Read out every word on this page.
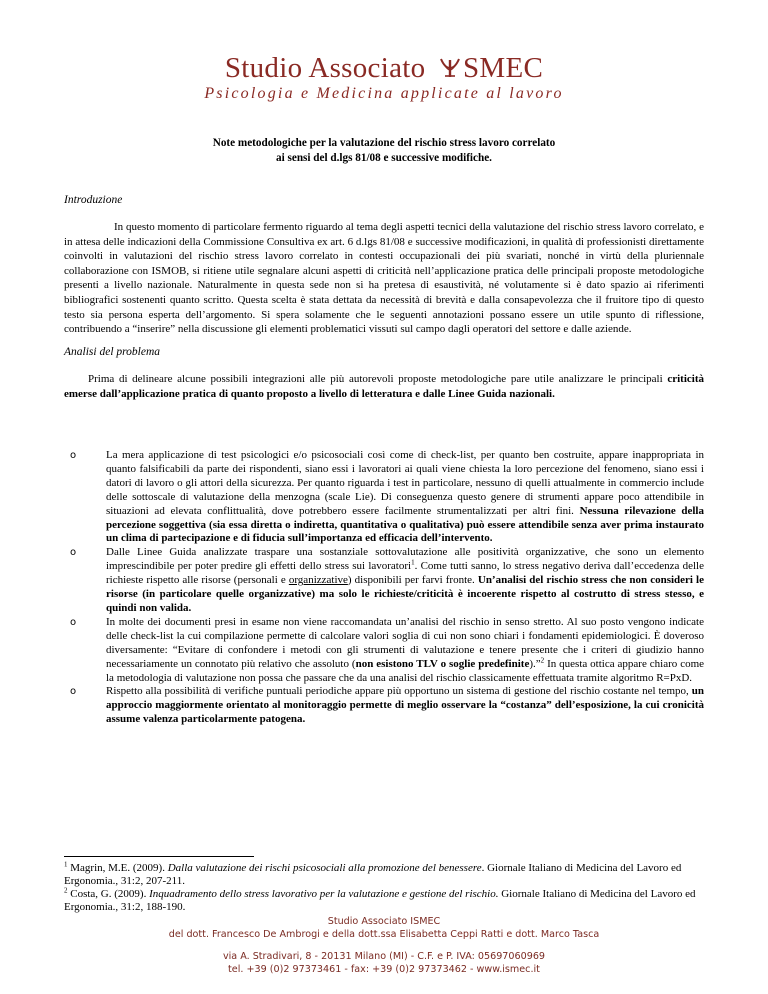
Studio Associato SMEC
Psicologia e Medicina applicate al lavoro
Note metodologiche per la valutazione del rischio stress lavoro correlato
ai sensi del d.lgs 81/08 e successive modifiche.
Introduzione
In questo momento di particolare fermento riguardo al tema degli aspetti tecnici della valutazione del rischio stress lavoro correlato, e in attesa delle indicazioni della Commissione Consultiva ex art. 6 d.lgs 81/08 e successive modificazioni, in qualità di professionisti direttamente coinvolti in valutazioni del rischio stress lavoro correlato in contesti occupazionali dei più svariati, nonché in virtù della pluriennale collaborazione con ISMOB, si ritiene utile segnalare alcuni aspetti di criticità nell’applicazione pratica delle principali proposte metodologiche presenti a livello nazionale. Naturalmente in questa sede non si ha pretesa di esaustività, né volutamente si è dato spazio ai riferimenti bibliografici sostenenti quanto scritto. Questa scelta è stata dettata da necessità di brevità e dalla consapevolezza che il fruitore tipo di questo testo sia persona esperta dell’argomento. Si spera solamente che le seguenti annotazioni possano essere un utile spunto di riflessione, contribuendo a “inserire” nella discussione gli elementi problematici vissuti sul campo dagli operatori del settore e dalle aziende.
Analisi del problema
Prima di delineare alcune possibili integrazioni alle più autorevoli proposte metodologiche pare utile analizzare le principali criticità emerse dall’applicazione pratica di quanto proposto a livello di letteratura e dalle Linee Guida nazionali.
o	La mera applicazione di test psicologici e/o psicosociali così come di check-list, per quanto ben costruite, appare inappropriata in quanto falsificabili da parte dei rispondenti, siano essi i lavoratori ai quali viene chiesta la loro percezione del fenomeno, siano essi i datori di lavoro o gli attori della sicurezza. Per quanto riguarda i test in particolare, nessuno di quelli attualmente in commercio include delle sottoscale di valutazione della menzogna (scale Lie). Di conseguenza questo genere di strumenti appare poco attendibile in situazioni ad elevata conflittualità, dove potrebbero essere facilmente strumentalizzati per altri fini. Nessuna rilevazione della percezione soggettiva (sia essa diretta o indiretta, quantitativa o qualitativa) può essere attendibile senza aver prima instaurato un clima di partecipazione e di fiducia sull’importanza ed efficacia dell’intervento.
o	Dalle Linee Guida analizzate traspare una sostanziale sottovalutazione alle positività organizzative, che sono un elemento imprescindibile per poter predire gli effetti dello stress sui lavoratori$^1$. Come tutti sanno, lo stress negativo deriva dall’eccedenza delle richieste rispetto alle risorse (personali e organizzative) disponibili per farvi fronte. Un’analisi del rischio stress che non consideri le risorse (in particolare quelle organizzative) ma solo le richieste/criticità è incoerente rispetto al costrutto di stress stesso, e quindi non valida.
o	In molte dei documenti presi in esame non viene raccomandata un’analisi del rischio in senso stretto. Al suo posto vengono indicate delle check-list la cui compilazione permette di calcolare valori soglia di cui non sono chiari i fondamenti epidemiologici. È doveroso diversamente: “Evitare di confondere i metodi con gli strumenti di valutazione e tenere presente che i criteri di giudizio hanno necessariamente un connotato più relativo che assoluto (non esistono TLV o soglie predefinite).”$^2$ In questa ottica appare chiaro come la metodologia di valutazione non possa che passare che da una analisi del rischio classicamente effettuata tramite algoritmo R=PxD.
o	Rispetto alla possibilità di verifiche puntuali periodiche appare più opportuno un sistema di gestione del rischio costante nel tempo, un approccio maggiormente orientato al monitoraggio permette di meglio osservare la “costanza” dell’esposizione, la cui cronicità assume valenza particolarmente patogena.

$^1$ Magrin, M.E. (2009). Dalla valutazione dei rischi psicosociali alla promozione del benessere. Giornale Italiano di Medicina del Lavoro ed Ergonomia., 31:2, 207-211.

$^2$ Costa, G. (2009). Inquadramento dello stress lavorativo per la valutazione e gestione del rischio. Giornale Italiano di Medicina del Lavoro ed Ergonomia., 31:2, 188-190.

Studio Associato ISMEC
del dott. Francesco De Ambrogi e della dott.ssa Elisabetta Ceppi Ratti e dott. Marco Tasca
via A. Stradivari, 8 - 20131 Milano (MI) - C.F. e P. IVA: 05697060969
tel. +39 (0)2 97373461 - fax: +39 (0)2 97373462 - www.ismec.it
